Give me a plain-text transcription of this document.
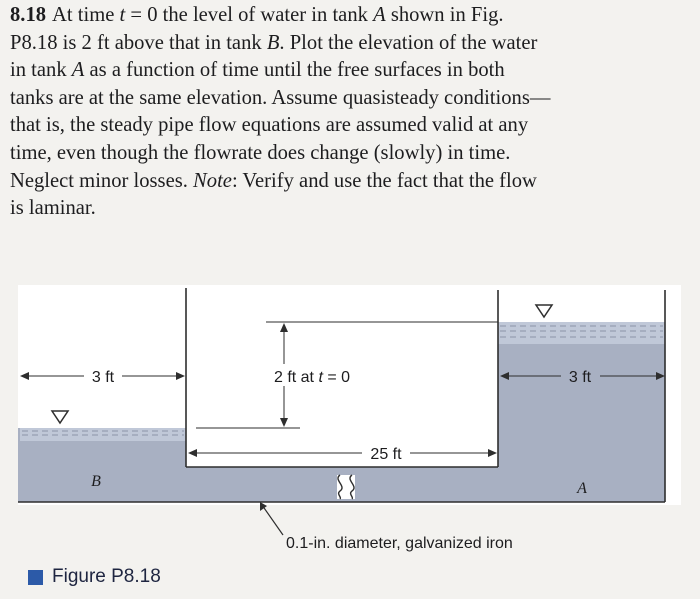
8.18 At time t = 0 the level of water in tank A shown in Fig.
P8.18 is 2 ft above that in tank B. Plot the elevation of the water
in tank A as a function of time until the free surfaces in both
tanks are at the same elevation. Assume quasisteady conditions—
that is, the steady pipe flow equations are assumed valid at any
time, even though the flowrate does change (slowly) in time.
Neglect minor losses. Note: Verify and use the fact that the flow
is laminar.
3 ft	3 ft
2 ft at t = 0
25 ft
B	A
0.1-in. diameter, galvanized iron
Figure P8.18
